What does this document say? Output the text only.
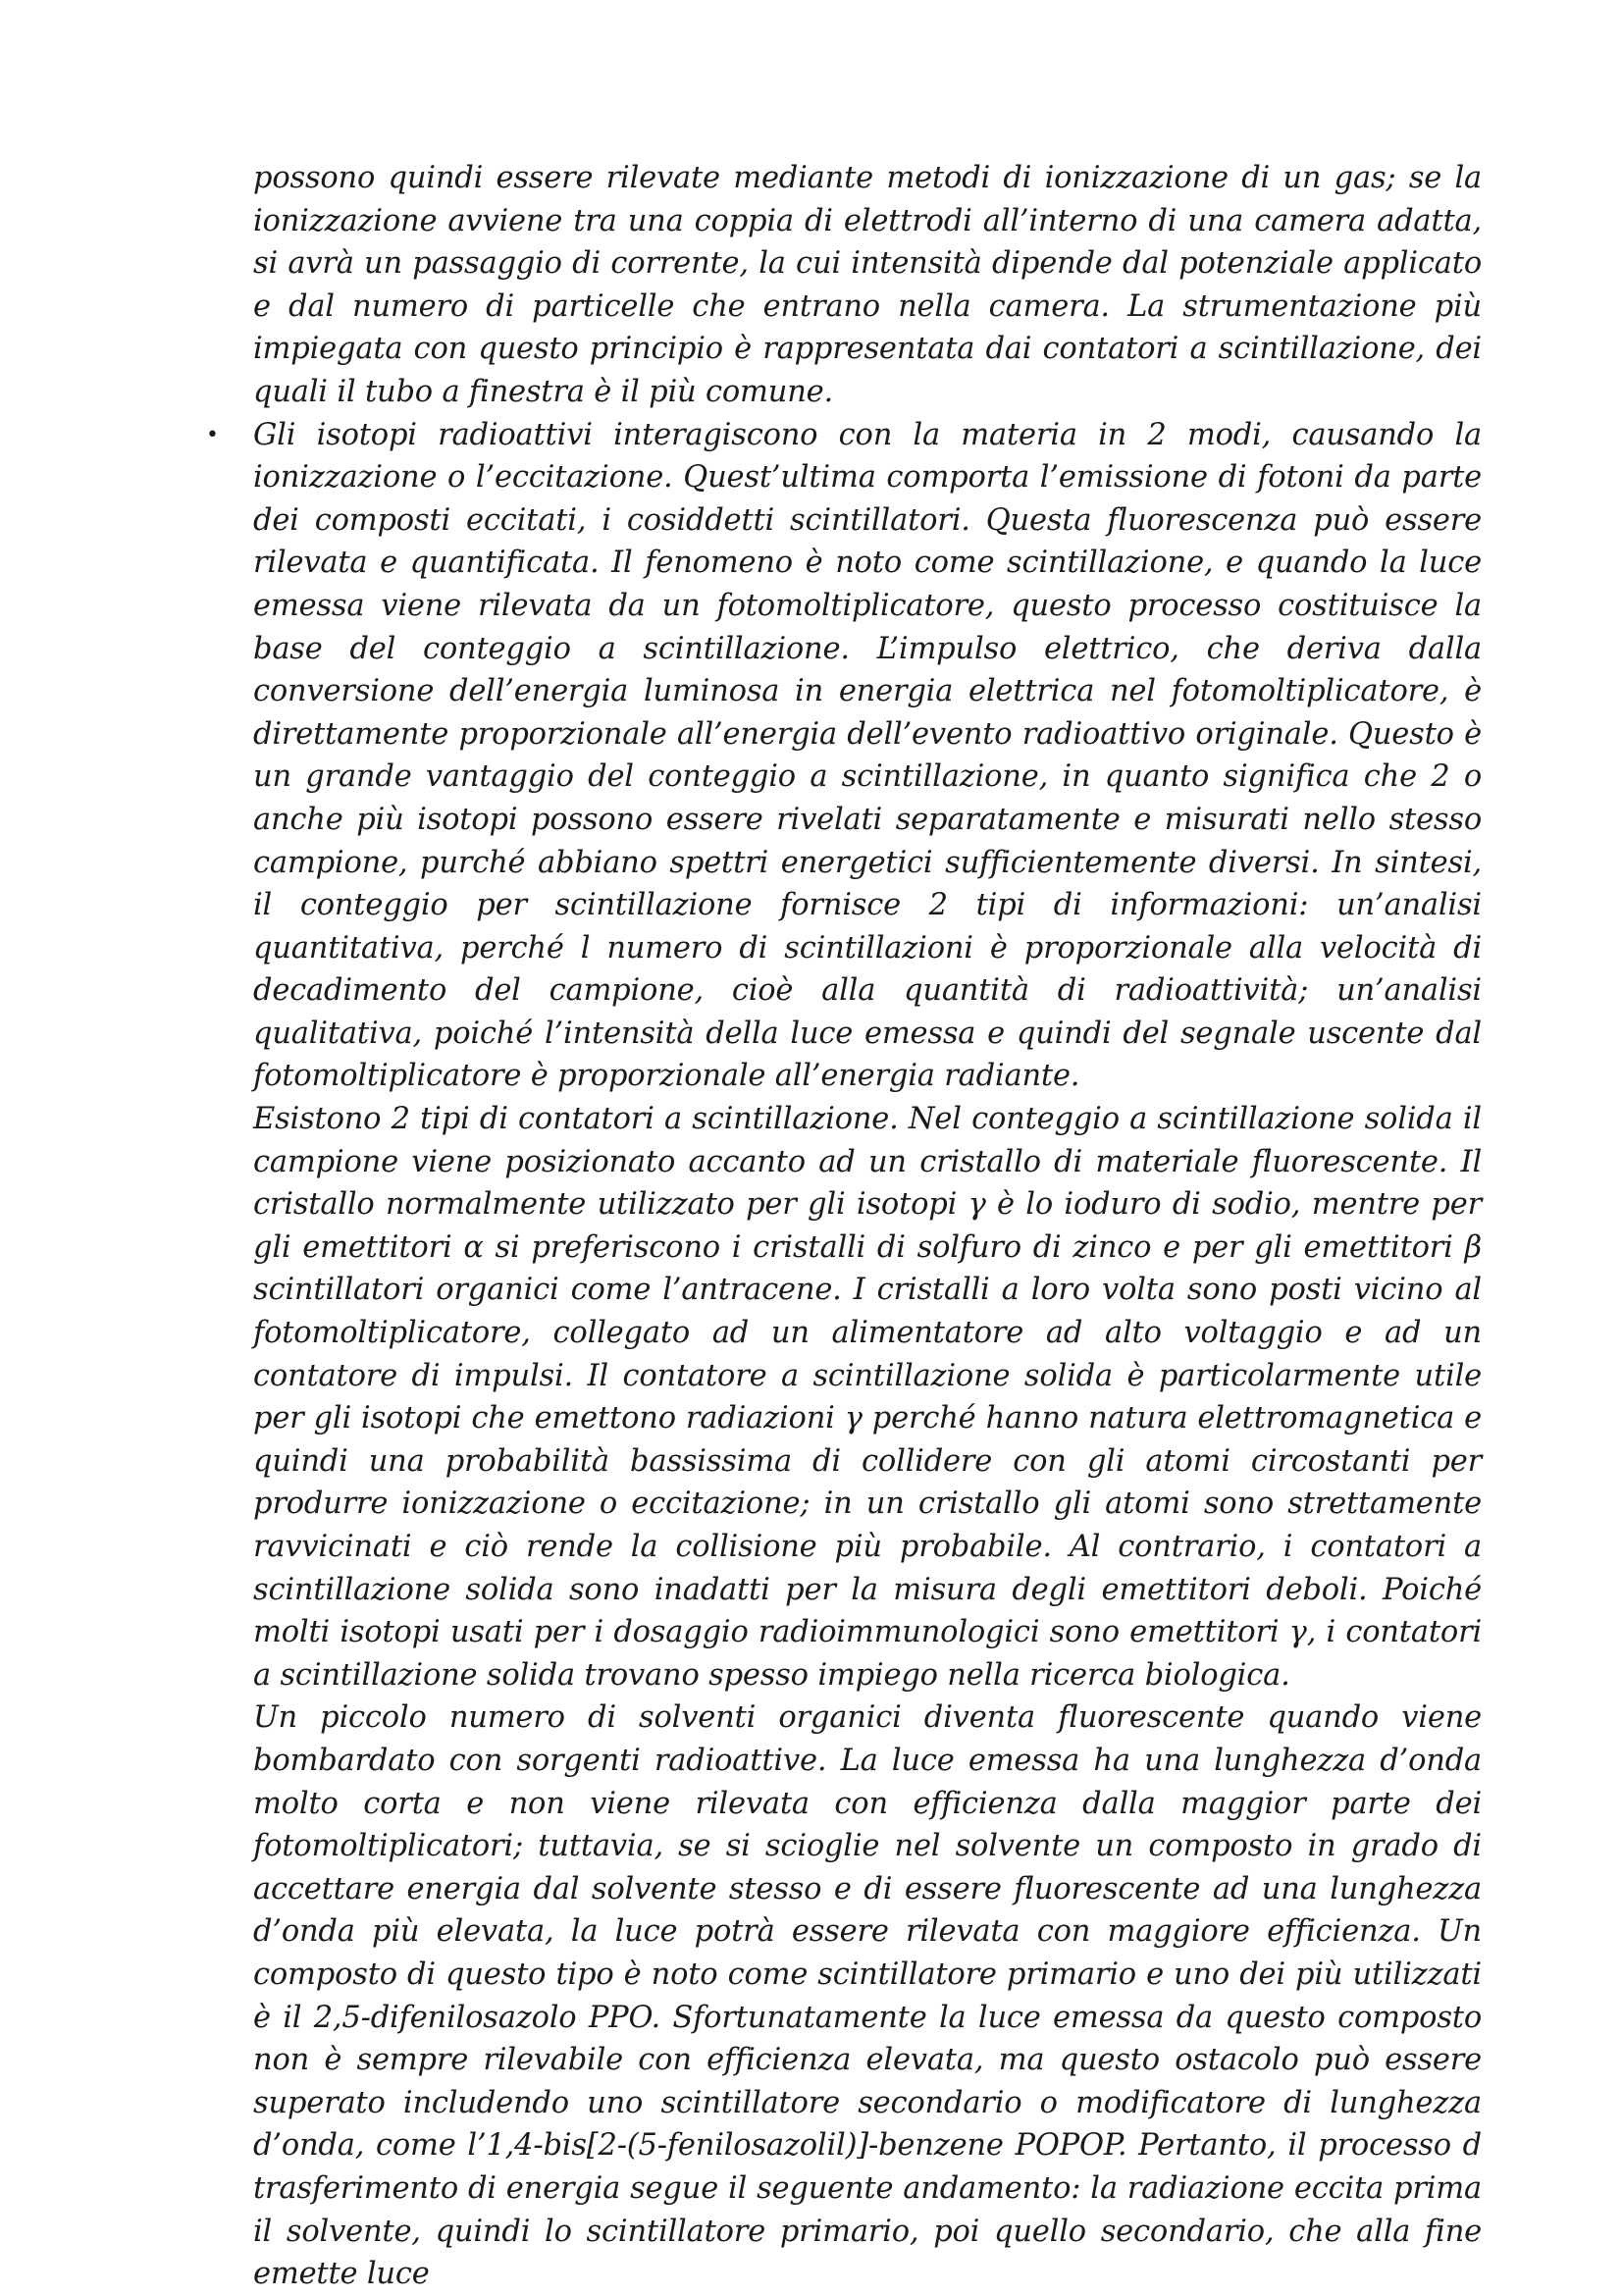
possono quindi essere rilevate mediante metodi di ionizzazione di un gas; se la ionizzazione avviene tra una coppia di elettrodi all’interno di una camera adatta, si avrà un passaggio di corrente, la cui intensità dipende dal potenziale applicato e dal numero di particelle che entrano nella camera. La strumentazione più impiegata con questo principio è rappresentata dai contatori a scintillazione, dei quali il tubo a finestra è il più comune.

• Gli isotopi radioattivi interagiscono con la materia in 2 modi, causando la ionizzazione o l’eccitazione. Quest’ultima comporta l’emissione di fotoni da parte dei composti eccitati, i cosiddetti scintillatori. Questa fluorescenza può essere rilevata e quantificata. Il fenomeno è noto come scintillazione, e quando la luce emessa viene rilevata da un fotomoltiplicatore, questo processo costituisce la base del conteggio a scintillazione. L’impulso elettrico, che deriva dalla conversione dell’energia luminosa in energia elettrica nel fotomoltiplicatore, è direttamente proporzionale all’energia dell’evento radioattivo originale. Questo è un grande vantaggio del conteggio a scintillazione, in quanto significa che 2 o anche più isotopi possono essere rivelati separatamente e misurati nello stesso campione, purché abbiano spettri energetici sufficientemente diversi. In sintesi, il conteggio per scintillazione fornisce 2 tipi di informazioni: un’analisi quantitativa, perché l numero di scintillazioni è proporzionale alla velocità di decadimento del campione, cioè alla quantità di radioattività; un’analisi qualitativa, poiché l’intensità della luce emessa e quindi del segnale uscente dal fotomoltiplicatore è proporzionale all’energia radiante.

Esistono 2 tipi di contatori a scintillazione. Nel conteggio a scintillazione solida il campione viene posizionato accanto ad un cristallo di materiale fluorescente. Il cristallo normalmente utilizzato per gli isotopi γ è lo ioduro di sodio, mentre per gli emettitori α si preferiscono i cristalli di solfuro di zinco e per gli emettitori β scintillatori organici come l’antracene. I cristalli a loro volta sono posti vicino al fotomoltiplicatore, collegato ad un alimentatore ad alto voltaggio e ad un contatore di impulsi. Il contatore a scintillazione solida è particolarmente utile per gli isotopi che emettono radiazioni γ perché hanno natura elettromagnetica e quindi una probabilità bassissima di collidere con gli atomi circostanti per produrre ionizzazione o eccitazione; in un cristallo gli atomi sono strettamente ravvicinati e ciò rende la collisione più probabile. Al contrario, i contatori a scintillazione solida sono inadatti per la misura degli emettitori deboli. Poiché molti isotopi usati per i dosaggio radioimmunologici sono emettitori γ, i contatori a scintillazione solida trovano spesso impiego nella ricerca biologica.

Un piccolo numero di solventi organici diventa fluorescente quando viene bombardato con sorgenti radioattive. La luce emessa ha una lunghezza d’onda molto corta e non viene rilevata con efficienza dalla maggior parte dei fotomoltiplicatori; tuttavia, se si scioglie nel solvente un composto in grado di accettare energia dal solvente stesso e di essere fluorescente ad una lunghezza d’onda più elevata, la luce potrà essere rilevata con maggiore efficienza. Un composto di questo tipo è noto come scintillatore primario e uno dei più utilizzati è il 2,5-difenilosazolo PPO. Sfortunatamente la luce emessa da questo composto non è sempre rilevabile con efficienza elevata, ma questo ostacolo può essere superato includendo uno scintillatore secondario o modificatore di lunghezza d’onda, come l’1,4-bis[2-(5-fenilosazolil)]-benzene POPOP. Pertanto, il processo d trasferimento di energia segue il seguente andamento: la radiazione eccita prima il solvente, quindi lo scintillatore primario, poi quello secondario, che alla fine emette luce
